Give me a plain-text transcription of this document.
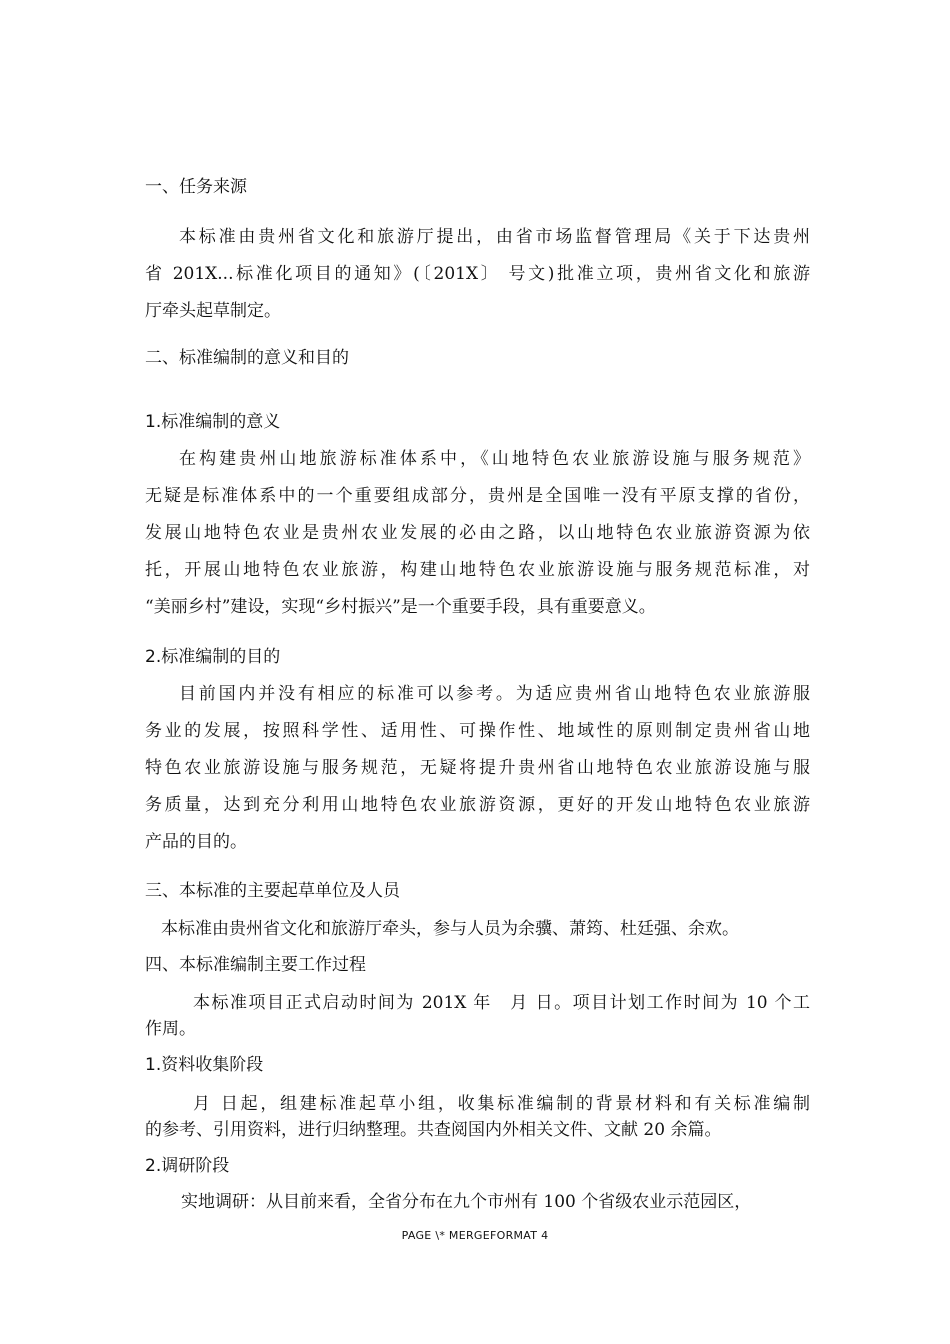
一、任务来源
本标准由贵州省文化和旅游厅提出，由省市场监督管理局《关于下达贵州
省 201X...标准化项目的通知》(〔201X〕 号文)批准立项，贵州省文化和旅游
厅牵头起草制定。
二、标准编制的意义和目的
1.标准编制的意义
在构建贵州山地旅游标准体系中，《山地特色农业旅游设施与服务规范》
无疑是标准体系中的一个重要组成部分，贵州是全国唯一没有平原支撑的省份，
发展山地特色农业是贵州农业发展的必由之路，以山地特色农业旅游资源为依
托，开展山地特色农业旅游，构建山地特色农业旅游设施与服务规范标准，对
“美丽乡村”建设，实现“乡村振兴”是一个重要手段，具有重要意义。
2.标准编制的目的
目前国内并没有相应的标准可以参考。为适应贵州省山地特色农业旅游服
务业的发展，按照科学性、适用性、可操作性、地域性的原则制定贵州省山地
特色农业旅游设施与服务规范，无疑将提升贵州省山地特色农业旅游设施与服
务质量，达到充分利用山地特色农业旅游资源，更好的开发山地特色农业旅游
产品的目的。
三、本标准的主要起草单位及人员
本标准由贵州省文化和旅游厅牵头，参与人员为余骥、萧筠、杜廷强、余欢。
四、本标准编制主要工作过程
本标准项目正式启动时间为 201X 年　月 日。项目计划工作时间为 10 个工
作周。
1.资料收集阶段
月 日起，组建标准起草小组，收集标准编制的背景材料和有关标准编制
的参考、引用资料，进行归纳整理。共查阅国内外相关文件、文献 20 余篇。
2.调研阶段
实地调研：从目前来看，全省分布在九个市州有 100 个省级农业示范园区，
PAGE \* MERGEFORMAT 4
